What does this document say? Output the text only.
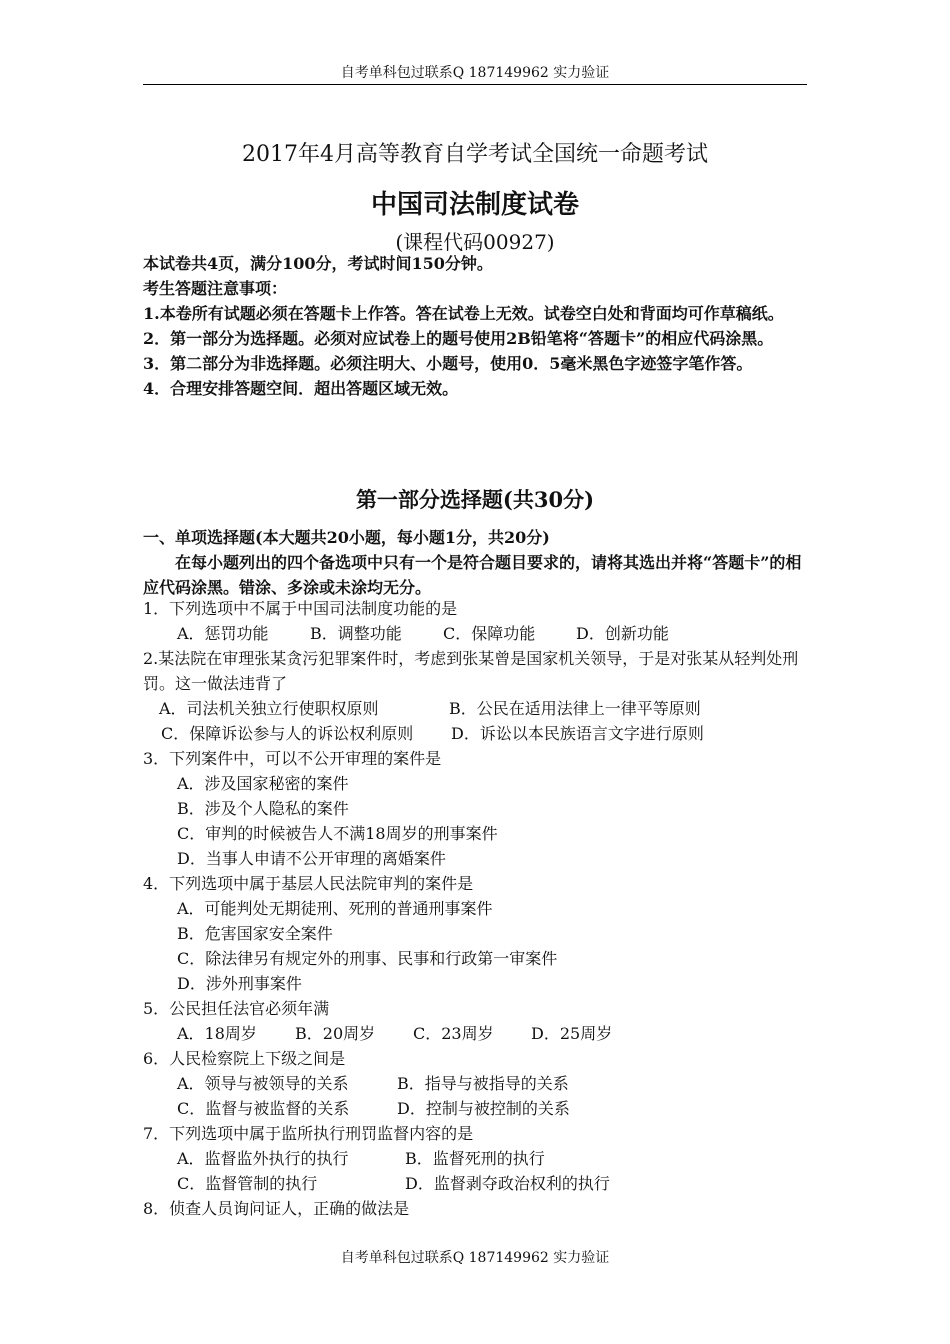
自考单科包过联系Q 187149962 实力验证
2017年4月高等教育自学考试全国统一命题考试
中国司法制度试卷
(课程代码00927)
本试卷共4页，满分100分，考试时间150分钟。
考生答题注意事项：
1.本卷所有试题必须在答题卡上作答。答在试卷上无效。试卷空白处和背面均可作草稿纸。
2．第一部分为选择题。必须对应试卷上的题号使用2B铅笔将“答题卡”的相应代码涂黑。
3．第二部分为非选择题。必须注明大、小题号，使用0．5毫米黑色字迹签字笔作答。
4．合理安排答题空间．超出答题区域无效。
第一部分选择题(共30分)
一、单项选择题(本大题共20小题，每小题1分，共20分)
在每小题列出的四个备选项中只有一个是符合题目要求的，请将其选出并将“答题卡”的相应代码涂黑。错涂、多涂或未涂均无分。
1．下列选项中不属于中国司法制度功能的是
A．惩罚功能	B．调整功能	C．保障功能	D．创新功能
2.某法院在审理张某贪污犯罪案件时，考虑到张某曾是国家机关领导，于是对张某从轻判处刑罚。这一做法违背了
A．司法机关独立行使职权原则	B．公民在适用法律上一律平等原则
C．保障诉讼参与人的诉讼权利原则	D．诉讼以本民族语言文字进行原则
3．下列案件中，可以不公开审理的案件是
A．涉及国家秘密的案件
B．涉及个人隐私的案件
C．审判的时候被告人不满18周岁的刑事案件
D．当事人申请不公开审理的离婚案件
4．下列选项中属于基层人民法院审判的案件是
A．可能判处无期徒刑、死刑的普通刑事案件
B．危害国家安全案件
C．除法律另有规定外的刑事、民事和行政第一审案件
D．涉外刑事案件
5．公民担任法官必须年满
A．18周岁	B．20周岁	C．23周岁	D．25周岁
6．人民检察院上下级之间是
A．领导与被领导的关系	B．指导与被指导的关系
C．监督与被监督的关系	D．控制与被控制的关系
7．下列选项中属于监所执行刑罚监督内容的是
A．监督监外执行的执行	B．监督死刑的执行
C．监督管制的执行	D．监督剥夺政治权利的执行
8．侦查人员询问证人，正确的做法是
自考单科包过联系Q 187149962 实力验证
